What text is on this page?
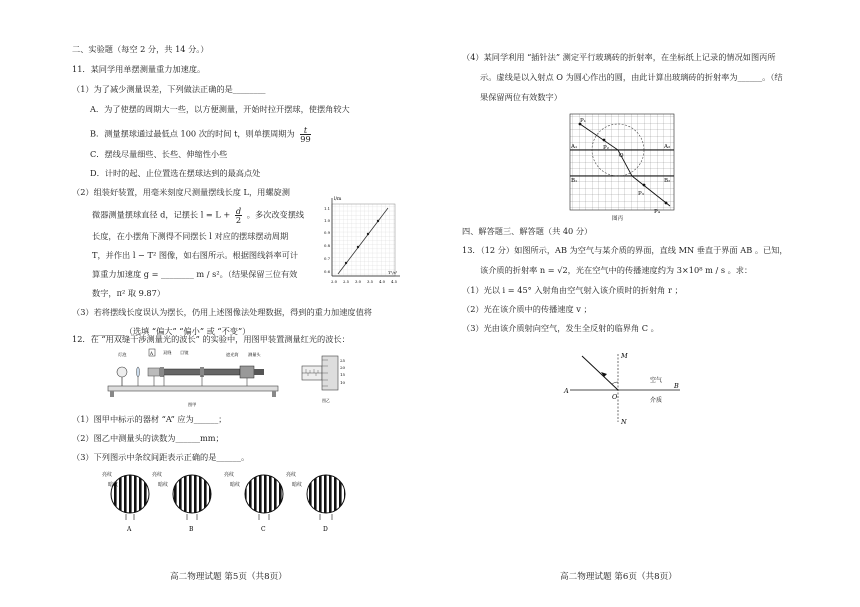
二、实验题（每空 2 分，共 14 分。）
11．某同学用单摆测量重力加速度。
（1）为了减少测量误差，下列做法正确的是________
A．为了使摆的周期大一些，以方便测量，开始时拉开摆球，使摆角较大
B．测量摆球通过最低点 100 次的时间 t，则单摆周期为 $\frac{t}{99}$
C．摆线尽量细些、长些、伸缩性小些
D．计时的起、止位置选在摆球达到的最高点处
（2）组装好装置，用毫米刻度尺测量摆线长度 L，用螺旋测
微器测量摆球直径 d，记摆长 $l = L + \frac{d}{2}$ 。多次改变摆线
长度，在小摆角下测得不同摆长 l 对应的摆球摆动周期
T，并作出 l − T² 图像，如右图所示。根据图线斜率可计
算重力加速度 g = ________ m / s²。（结果保留三位有效
数字，π² 取 9.87）
（3）若将摆线长度误认为摆长，仍用上述图像法处理数据，得到的重力加速度值将
________（选填 “偏大” “偏小” 或 “不变”）
l/m
T²/s²
1.1
1.0
0.9
0.8
0.7
0.6
2.0 2.5 3.0 3.5 4.0 4.5
12．在 “用双缝干涉测量光的波长” 的实验中，用图甲装置测量红光的波长：
灯泡	A 双缝 目镜	遮光筒 测量头
图甲
25
20
15
10
图乙
（1）图甲中标示的器材 “A” 应为______；
（2）图乙中测量头的读数为______mm；
（3）下列图示中条纹间距表示正确的是______。
A	B
亮纹
暗纹
C
亮纹
暗纹
D
亮纹
暗纹
亮纹
暗纹
高二物理试题 第5页（共8页）
（4）某同学利用 “插针法” 测定平行玻璃砖的折射率，在坐标纸上记录的情况如图丙所
示。虚线是以入射点 O 为圆心作出的圆，由此计算出玻璃砖的折射率为______。（结
果保留两位有效数字）
P₁
P₂
O
P₃
P₄
A₁
B₁
A₂
B₂
图丙
四、解答题三、解答题（共 40 分）
13．（12 分）如图所示，AB 为空气与某介质的界面，直线 MN 垂直于界面 AB 。已知，
该介质的折射率 n = √2，光在空气中的传播速度约为 3×10⁸ m / s 。求：
（1）光以 i = 45° 入射角由空气射入该介质时的折射角 r ；
（2）光在该介质中的传播速度 v ；
（3）光由该介质射向空气，发生全反射的临界角 C 。
M
N
A
B
O
空气
介质
高二物理试题 第6页（共8页）
